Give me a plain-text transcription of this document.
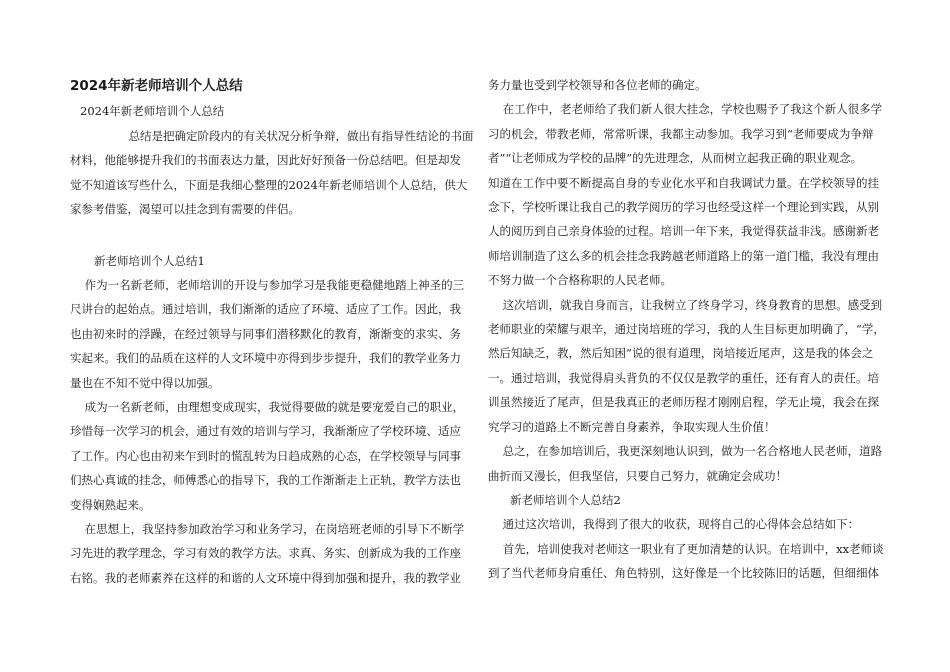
2024年新老师培训个人总结

2024年新老师培训个人总结

总结是把确定阶段内的有关状况分析争辩，做出有指导性结论的书面

材料，他能够提升我们的书面表达力量，因此好好预备一份总结吧。但是却发

觉不知道该写些什么，下面是我细心整理的2024年新老师培训个人总结，供大

家参考借鉴，渴望可以挂念到有需要的伴侣。

新老师培训个人总结1

作为一名新老师，老师培训的开设与参加学习是我能更稳健地踏上神圣的三

尺讲台的起始点。通过培训，我们渐渐的适应了环境、适应了工作。因此，我

也由初来时的浮躁，在经过领导与同事们潜移默化的教育，渐渐变的求实、务

实起来。我们的品质在这样的人文环境中亦得到步步提升，我们的教学业务力

量也在不知不觉中得以加强。

成为一名新老师，由理想变成现实，我觉得要做的就是要宠爱自己的职业，

珍惜每一次学习的机会，通过有效的培训与学习，我渐渐应了学校环境、适应

了工作。内心也由初来乍到时的慌乱转为日趋成熟的心态，在学校领导与同事

们热心真诚的挂念，师傅悉心的指导下，我的工作渐渐走上正轨，教学方法也

变得娴熟起来。

在思想上，我坚持参加政治学习和业务学习，在岗培班老师的引导下不断学

习先进的教学理念，学习有效的教学方法。求真、务实、创新成为我的工作座

右铭。我的老师素养在这样的和谐的人文环境中得到加强和提升，我的教学业

务力量也受到学校领导和各位老师的确定。

在工作中，老老师给了我们新人很大挂念，学校也赐予了我这个新人很多学

习的机会，带教老师，常常听课，我都主动参加。我学习到“老师要成为争辩

者”“让老师成为学校的品牌”的先进理念，从而树立起我正确的职业观念。

知道在工作中要不断提高自身的专业化水平和自我调试力量。在学校领导的挂

念下，学校听课让我自己的教学阅历的学习也经受这样一个理论到实践，从别

人的阅历到自己亲身体验的过程。培训一年下来，我觉得获益非浅。感谢新老

师培训制造了这么多的机会挂念我跨越老师道路上的第一道门槛，我没有理由

不努力做一个合格称职的人民老师。

这次培训，就我自身而言，让我树立了终身学习，终身教育的思想。感受到

老师职业的荣耀与艰辛，通过岗培班的学习，我的人生目标更加明确了，“学，

然后知缺乏，教，然后知困”说的很有道理，岗培接近尾声，这是我的体会之

一。通过培训，我觉得肩头背负的不仅仅是教学的重任，还有育人的责任。培

训虽然接近了尾声，但是我真正的老师历程才刚刚启程，学无止境，我会在探

究学习的道路上不断完善自身素养，争取实现人生价值！

总之，在参加培训后，我更深刻地认识到，做为一名合格地人民老师，道路

曲折而又漫长，但我坚信，只要自己努力，就确定会成功！

新老师培训个人总结2

通过这次培训，我得到了很大的收获，现将自己的心得体会总结如下：

首先，培训使我对老师这一职业有了更加清楚的认识。在培训中，xx老师谈

到了当代老师身肩重任、角色特别，这好像是一个比较陈旧的话题，但细细体
